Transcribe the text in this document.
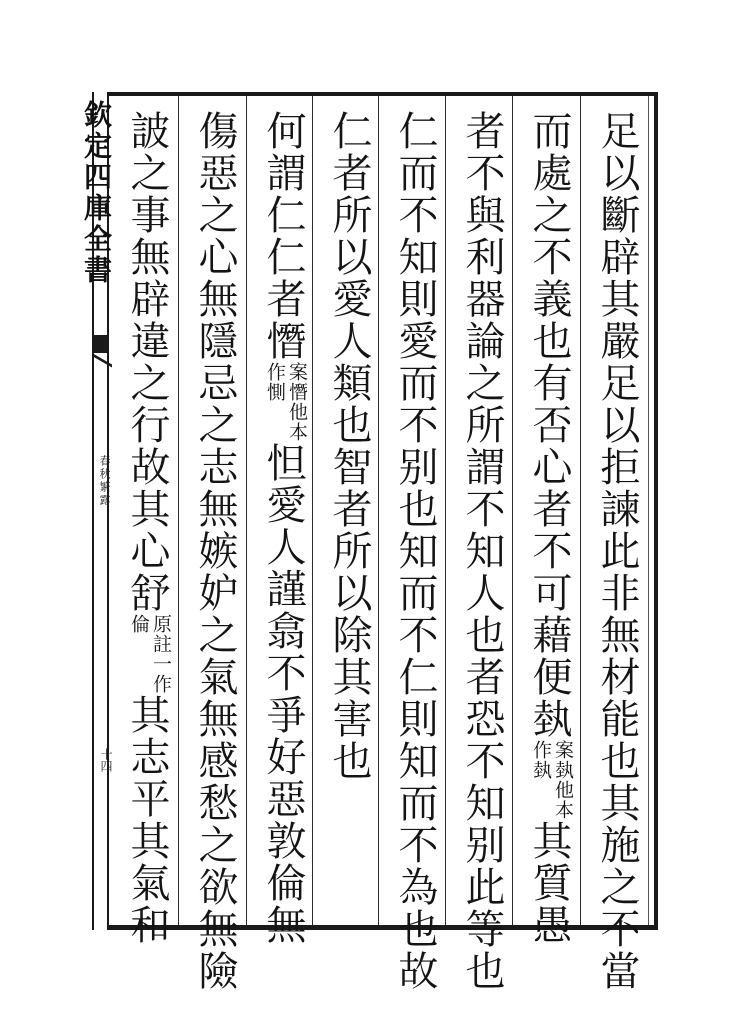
欽定四庫全書
春秋繁露
十四	足以斷辟其嚴足以拒諫此非無材能也其施之不當
而處之不義也有否心者不可藉便埶案埶他本作埶其質愚
者不與利器論之所謂不知人也者恐不知别此等也
仁而不知則愛而不别也知而不仁則知而不為也故
仁者所以愛人類也智者所以除其害也
何謂仁仁者憯案憯他本作惻怛愛人謹翕不爭好惡敦倫無
傷惡之心無隱忌之志無嫉妒之氣無感愁之欲無險
詖之事無辟違之行故其心舒原註一作倫其志平其氣和
